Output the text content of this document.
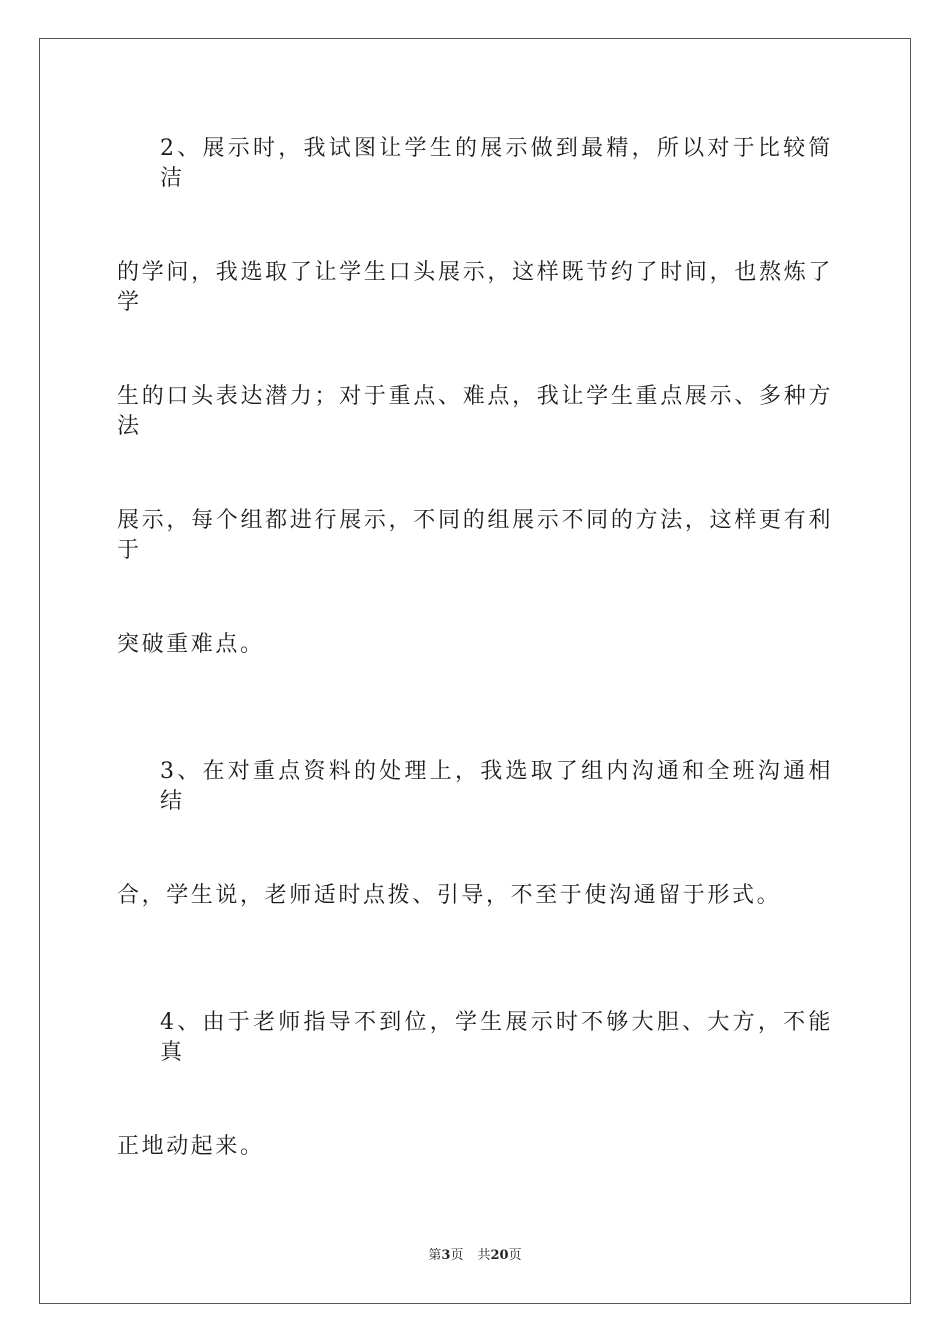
2、展示时，我试图让学生的展示做到最精，所以对于比较简洁
的学问，我选取了让学生口头展示，这样既节约了时间，也熬炼了学
生的口头表达潜力；对于重点、难点，我让学生重点展示、多种方法
展示，每个组都进行展示，不同的组展示不同的方法，这样更有利于
突破重难点。
3、在对重点资料的处理上，我选取了组内沟通和全班沟通相结
合，学生说，老师适时点拨、引导，不至于使沟通留于形式。
4、由于老师指导不到位，学生展示时不够大胆、大方，不能真
正地动起来。
第3页 共20页
